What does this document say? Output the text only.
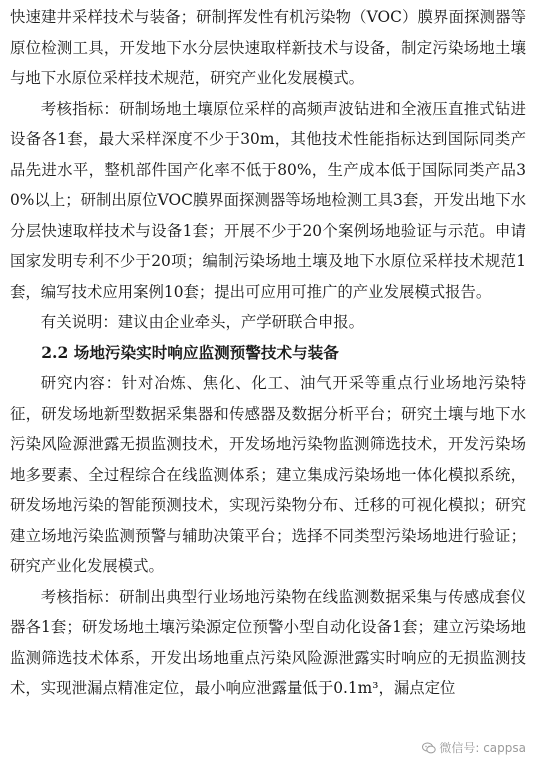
快速建井采样技术与装备；研制挥发性有机污染物（VOC）膜界面探测器等原位检测工具，开发地下水分层快速取样新技术与设备，制定污染场地土壤与地下水原位采样技术规范，研究产业化发展模式。

考核指标：研制场地土壤原位采样的高频声波钻进和全液压直推式钻进设备各1套，最大采样深度不少于30m，其他技术性能指标达到国际同类产品先进水平，整机部件国产化率不低于80%，生产成本低于国际同类产品30%以上；研制出原位VOC膜界面探测器等场地检测工具3套，开发出地下水分层快速取样技术与设备1套；开展不少于20个案例场地验证与示范。申请国家发明专利不少于20项；编制污染场地土壤及地下水原位采样技术规范1套，编写技术应用案例10套；提出可应用可推广的产业发展模式报告。

有关说明：建议由企业牵头，产学研联合申报。

2.2 场地污染实时响应监测预警技术与装备

研究内容：针对冶炼、焦化、化工、油气开采等重点行业场地污染特征，研发场地新型数据采集器和传感器及数据分析平台；研究土壤与地下水污染风险源泄露无损监测技术，开发场地污染物监测筛选技术，开发污染场地多要素、全过程综合在线监测体系；建立集成污染场地一体化模拟系统，研发场地污染的智能预测技术，实现污染物分布、迁移的可视化模拟；研究建立场地污染监测预警与辅助决策平台；选择不同类型污染场地进行验证；研究产业化发展模式。

考核指标：研制出典型行业场地污染物在线监测数据采集与传感成套仪器各1套；研发场地土壤污染源定位预警小型自动化设备1套；建立污染场地监测筛选技术体系，开发出场地重点污染风险源泄露实时响应的无损监测技术，实现泄漏点精准定位，最小响应泄露量低于0.1m³，漏点定位

微信号: cappsa
